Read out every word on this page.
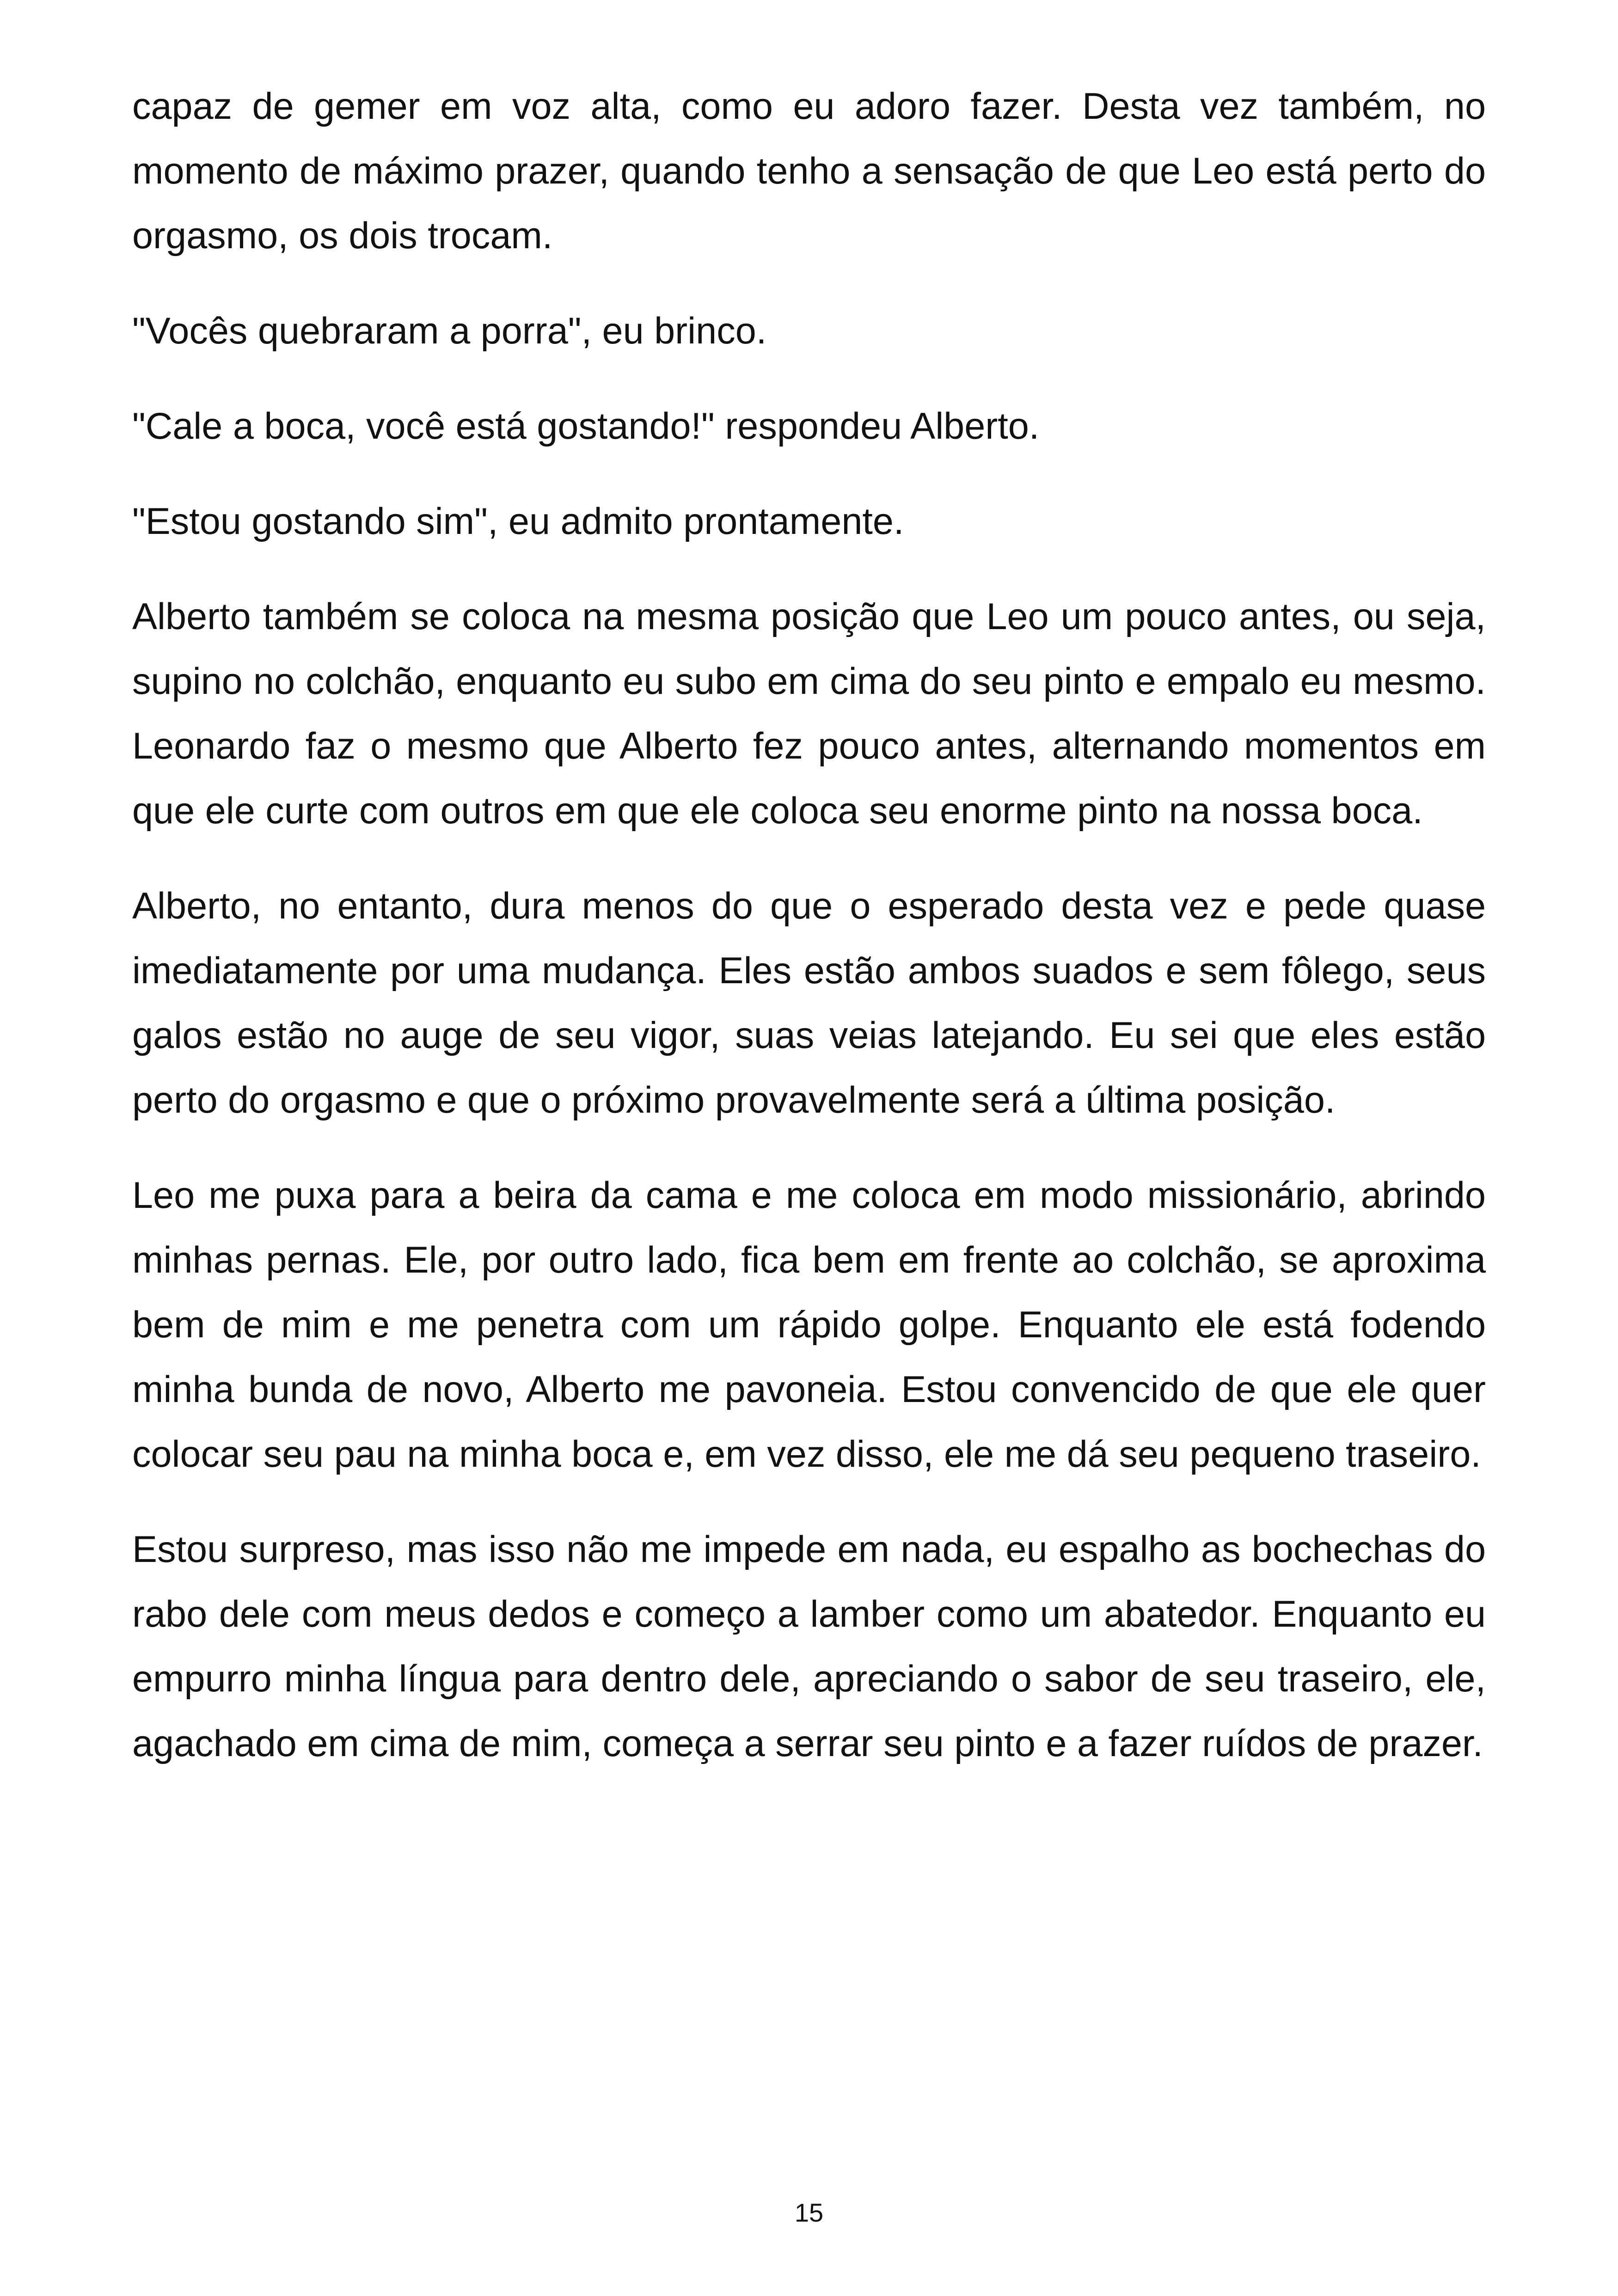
capaz de gemer em voz alta, como eu adoro fazer. Desta vez também, no momento de máximo prazer, quando tenho a sensação de que Leo está perto do orgasmo, os dois trocam.

"Vocês quebraram a porra", eu brinco.

"Cale a boca, você está gostando!" respondeu Alberto.

"Estou gostando sim", eu admito prontamente.

Alberto também se coloca na mesma posição que Leo um pouco antes, ou seja, supino no colchão, enquanto eu subo em cima do seu pinto e empalo eu mesmo. Leonardo faz o mesmo que Alberto fez pouco antes, alternando momentos em que ele curte com outros em que ele coloca seu enorme pinto na nossa boca.

Alberto, no entanto, dura menos do que o esperado desta vez e pede quase imediatamente por uma mudança. Eles estão ambos suados e sem fôlego, seus galos estão no auge de seu vigor, suas veias latejando. Eu sei que eles estão perto do orgasmo e que o próximo provavelmente será a última posição.

Leo me puxa para a beira da cama e me coloca em modo missionário, abrindo minhas pernas. Ele, por outro lado, fica bem em frente ao colchão, se aproxima bem de mim e me penetra com um rápido golpe. Enquanto ele está fodendo minha bunda de novo, Alberto me pavoneia. Estou convencido de que ele quer colocar seu pau na minha boca e, em vez disso, ele me dá seu pequeno traseiro.

Estou surpreso, mas isso não me impede em nada, eu espalho as bochechas do rabo dele com meus dedos e começo a lamber como um abatedor. Enquanto eu empurro minha língua para dentro dele, apreciando o sabor de seu traseiro, ele, agachado em cima de mim, começa a serrar seu pinto e a fazer ruídos de prazer.

15
